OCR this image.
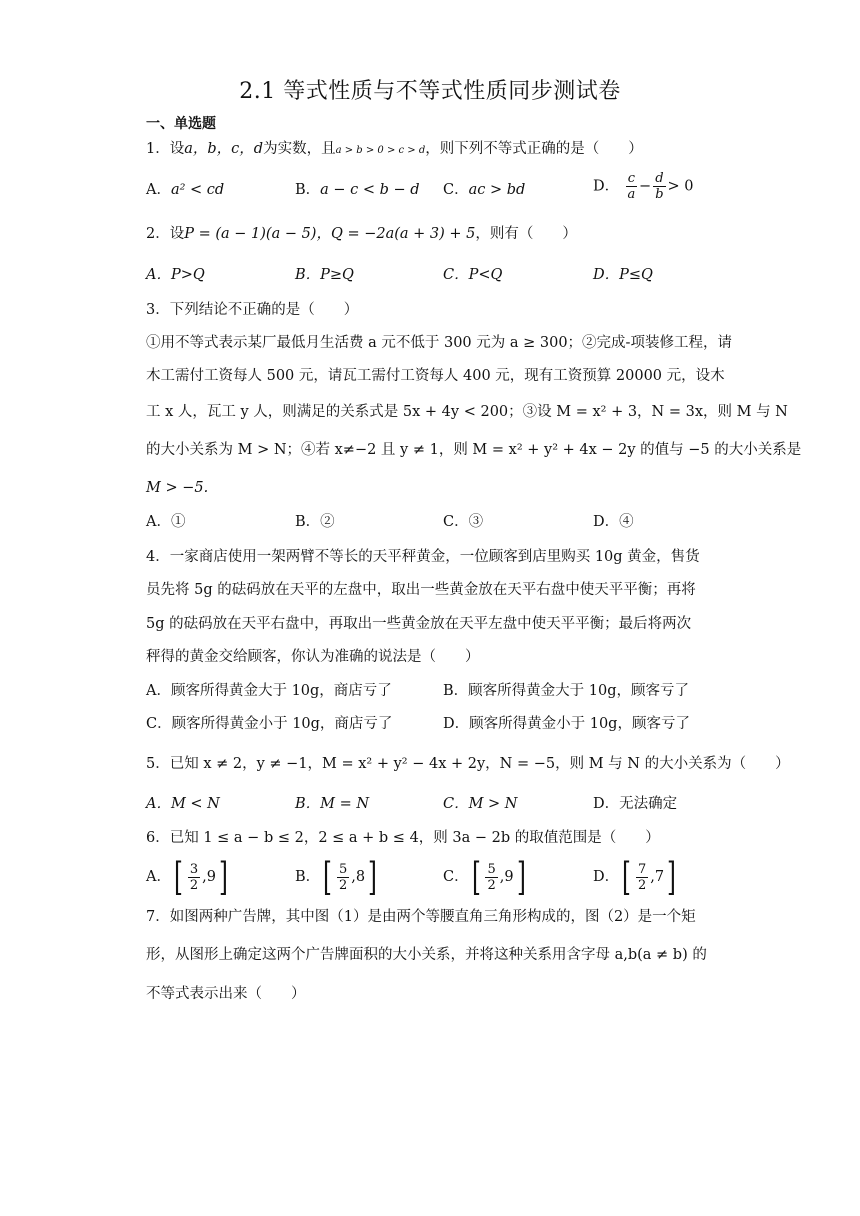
2.1 等式性质与不等式性质同步测试卷
一、单选题
1．设a，b，c，d为实数，且a > b > 0 > c > d，则下列不等式正确的是（　　）
A．a² < cd	B．a − c < b − d C．ac > bd	D． $\frac{c}{a} - \frac{d}{b} > 0$
2．设P = (a − 1)(a − 5)，Q = −2a(a + 3) + 5，则有（　　）
A．P>Q	B．P≥Q	C．P<Q	D．P≤Q
3．下列结论不正确的是（　　）
①用不等式表示某厂最低月生活费 a 元不低于 300 元为 a ≥ 300；②完成-项装修工程，请
木工需付工资每人 500 元，请瓦工需付工资每人 400 元，现有工资预算 20000 元，设木
工 x 人，瓦工 y 人，则满足的关系式是 5x + 4y < 200；③设 M = x² + 3，N = 3x，则 M 与 N
的大小关系为 M > N；④若 x≠−2 且 y ≠ 1，则 M = x² + y² + 4x − 2y 的值与 −5 的大小关系是
M > −5.
A．①	B．②	C．③	D．④
4．一家商店使用一架两臂不等长的天平秤黄金，一位顾客到店里购买 10g 黄金，售货
员先将 5g 的砝码放在天平的左盘中，取出一些黄金放在天平右盘中使天平平衡；再将
5g 的砝码放在天平右盘中，再取出一些黄金放在天平左盘中使天平平衡；最后将两次
秤得的黄金交给顾客，你认为准确的说法是（　　）
A．顾客所得黄金大于 10g，商店亏了	B．顾客所得黄金大于 10g，顾客亏了
C．顾客所得黄金小于 10g，商店亏了	D．顾客所得黄金小于 10g，顾客亏了
5．已知 x ≠ 2，y ≠ −1，M = x² + y² − 4x + 2y，N = −5，则 M 与 N 的大小关系为（　　）
A．M < N	B．M = N	C．M > N	D．无法确定
6．已知 1 ≤ a − b ≤ 2，2 ≤ a + b ≤ 4，则 3a − 2b 的取值范围是（　　）
A． [ $\frac{3}{2} ,9$ ]	B． [ $\frac{5}{2} ,8$ ]	C． [ $\frac{5}{2} ,9$ ]	D． [ $\frac{7}{2} ,7$ ]
7．如图两种广告牌，其中图（1）是由两个等腰直角三角形构成的，图（2）是一个矩
形，从图形上确定这两个广告牌面积的大小关系，并将这种关系用含字母 a,b(a ≠ b) 的
不等式表示出来（　　）
